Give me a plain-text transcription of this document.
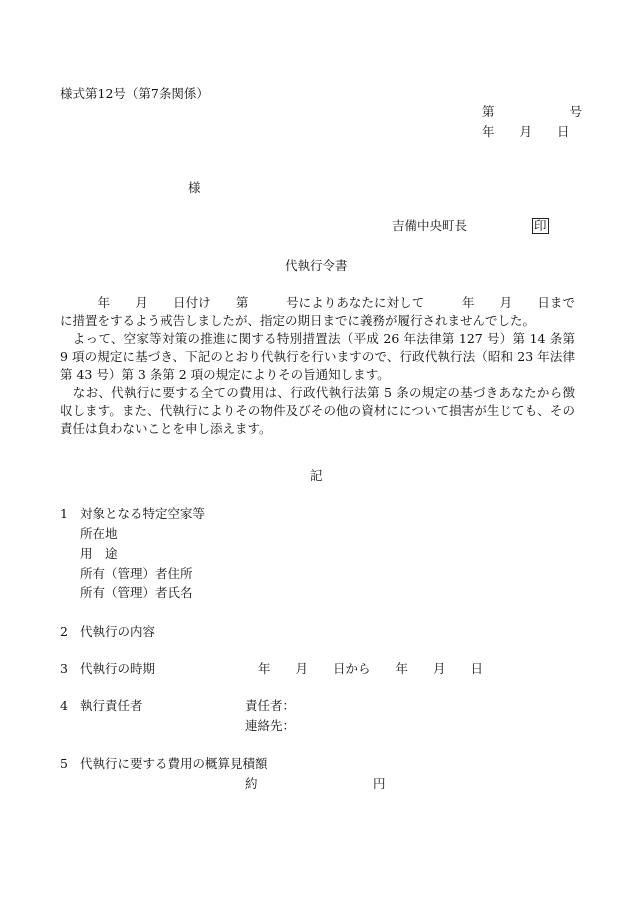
様式第12号（第7条関係）
第　　　　　　号
年　　月　　日
様
吉備中央町長	印
代執行令書
　　　年　　月　　日付け　　第　　　号によりあなたに対して　　　年　　月　　日までに措置をするよう戒告しましたが、指定の期日までに義務が履行されませんでした。
　よって、空家等対策の推進に関する特別措置法（平成 26 年法律第 127 号）第 14 条第 9 項の規定に基づき、下記のとおり代執行を行いますので、行政代執行法（昭和 23 年法律第 43 号）第 3 条第 2 項の規定によりその旨通知します。
　なお、代執行に要する全ての費用は、行政代執行法第 5 条の規定の基づきあなたから徴収します。また、代執行によりその物件及びその他の資材にについて損害が生じても、その責任は負わないことを申し添えます。
記
1 対象となる特定空家等
所在地
用　途
所有（管理）者住所
所有（管理）者氏名
2 代執行の内容
3 代執行の時期	年　　月　　日から　　年　　月　　日
4 執行責任者	責任者：
連絡先：
5 代執行に要する費用の概算見積額
約	円
